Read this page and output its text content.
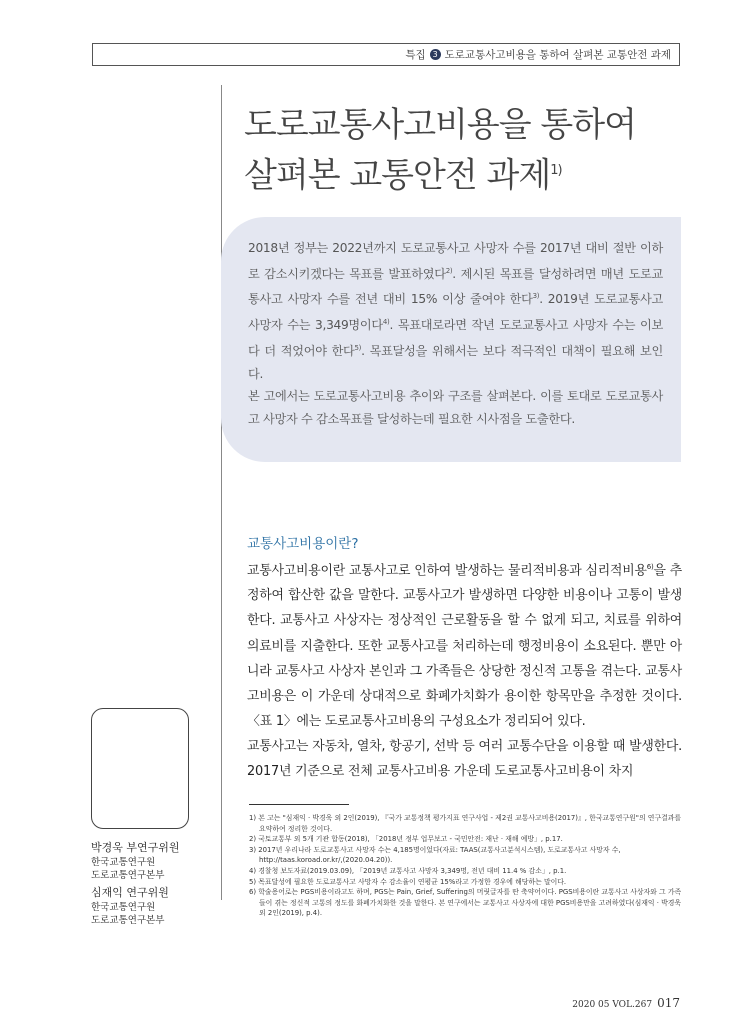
특집 3 도로교통사고비용을 통하여 살펴본 교통안전 과제
도로교통사고비용을 통하여
살펴본 교통안전 과제$^{1)}$

2018년 정부는 2022년까지 도로교통사고 사망자 수를 2017년 대비 절반 이하로 감소시키겠다는 목표를 발표하였다$^{2)}$. 제시된 목표를 달성하려면 매년 도로교통사고 사망자 수를 전년 대비 15% 이상 줄여야 한다$^{3)}$. 2019년 도로교통사고 사망자 수는 3,349명이다$^{4)}$. 목표대로라면 작년 도로교통사고 사망자 수는 이보다 더 적었어야 한다$^{5)}$. 목표달성을 위해서는 보다 적극적인 대책이 필요해 보인다.

본 고에서는 도로교통사고비용 추이와 구조를 살펴본다. 이를 토대로 도로교통사고 사망자 수 감소목표를 달성하는데 필요한 시사점을 도출한다.

교통사고비용이란?

교통사고비용이란 교통사고로 인하여 발생하는 물리적비용과 심리적비용$^{6)}$을 추정하여 합산한 값을 말한다. 교통사고가 발생하면 다양한 비용이나 고통이 발생한다. 교통사고 사상자는 정상적인 근로활동을 할 수 없게 되고, 치료를 위하여 의료비를 지출한다. 또한 교통사고를 처리하는데 행정비용이 소요된다. 뿐만 아니라 교통사고 사상자 본인과 그 가족들은 상당한 정신적 고통을 겪는다. 교통사고비용은 이 가운데 상대적으로 화폐가치화가 용이한 항목만을 추정한 것이다. 〈표 1〉에는 도로교통사고비용의 구성요소가 정리되어 있다.

교통사고는 자동차, 열차, 항공기, 선박 등 여러 교통수단을 이용할 때 발생한다. 2017년 기준으로 전체 교통사고비용 가운데 도로교통사고비용이 차지

박경욱 부연구위원
한국교통연구원
도로교통연구본부
심재익 연구위원
한국교통연구원
도로교통연구본부
1) 본 고는 "심재익 · 박경욱 외 2인(2019), 『국가 교통정책 평가지표 연구사업 - 제2권 교통사고비용(2017)』, 한국교통연구원"의 연구결과를 요약하여 정리한 것이다.
2) 국토교통부 외 5개 기관 합동(2018), 「2018년 정부 업무보고 - 국민안전: 재난 · 재해 예방」, p.17.
3) 2017년 우리나라 도로교통사고 사망자 수는 4,185명이었다(자료: TAAS(교통사고분석시스템), 도로교통사고 사망자 수, http://taas.koroad.or.kr/,(2020.04.20)).
4) 경찰청 보도자료(2019.03.09), 「2019년 교통사고 사망자 3,349명, 전년 대비 11.4 % 감소」, p.1.
5) 목표달성에 필요한 도로교통사고 사망자 수 감소율이 연평균 15%라고 가정한 경우에 해당하는 말이다.
6) 학술용어로는 PGS비용이라고도 하며, PGS는 Pain, Grief, Suffering의 머릿글자를 딴 축약어이다. PGS비용이란 교통사고 사상자와 그 가족들이 겪는 정신적 고통의 정도를 화폐가치화한 것을 말한다. 본 연구에서는 교통사고 사상자에 대한 PGS비용만을 고려하였다(심재익 · 박경욱 외 2인(2019), p.4).
2020 05 VOL.267 017
